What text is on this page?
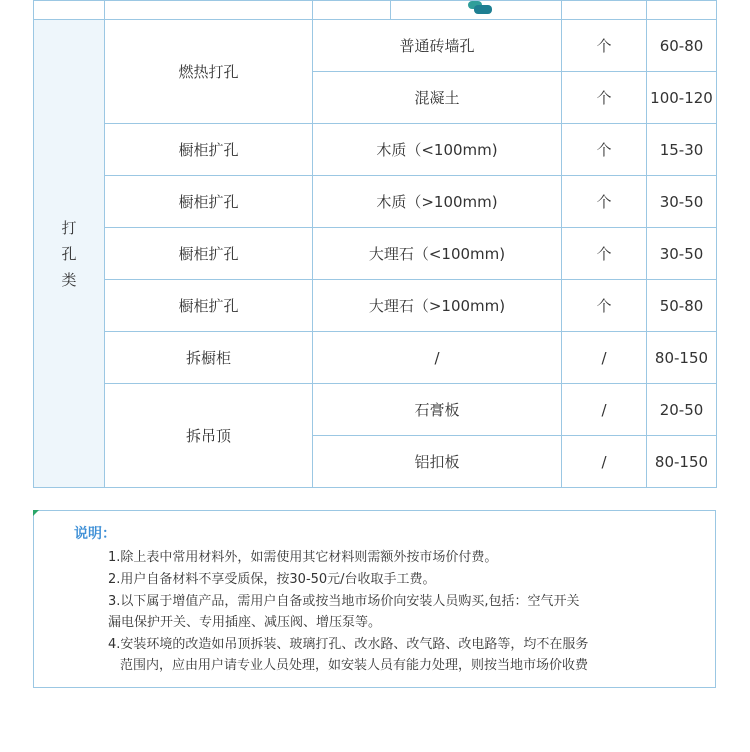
打
孔
类	燃热打孔	普通砖墙孔		个	60-80
		混凝土		个	100-120
	橱柜扩孔	木质（<100mm)		个	15-30
	橱柜扩孔	木质（>100mm)		个	30-50
	橱柜扩孔	大理石（<100mm)		个	30-50
	橱柜扩孔	大理石（>100mm)		个	50-80
	拆橱柜	/		/	80-150
	拆吊顶	石膏板		/	20-50
		铝扣板		/	80-150
说明：
1.除上表中常用材料外，如需使用其它材料则需额外按市场价付费。
2.用户自备材料不享受质保，按30-50元/台收取手工费。
3.以下属于增值产品，需用户自备或按当地市场价向安装人员购买,包括：空气开关
漏电保护开关、专用插座、减压阀、增压泵等。
4.安装环境的改造如吊顶拆装、玻璃打孔、改水路、改气路、改电路等，均不在服务
范围内，应由用户请专业人员处理，如安装人员有能力处理，则按当地市场价收费
